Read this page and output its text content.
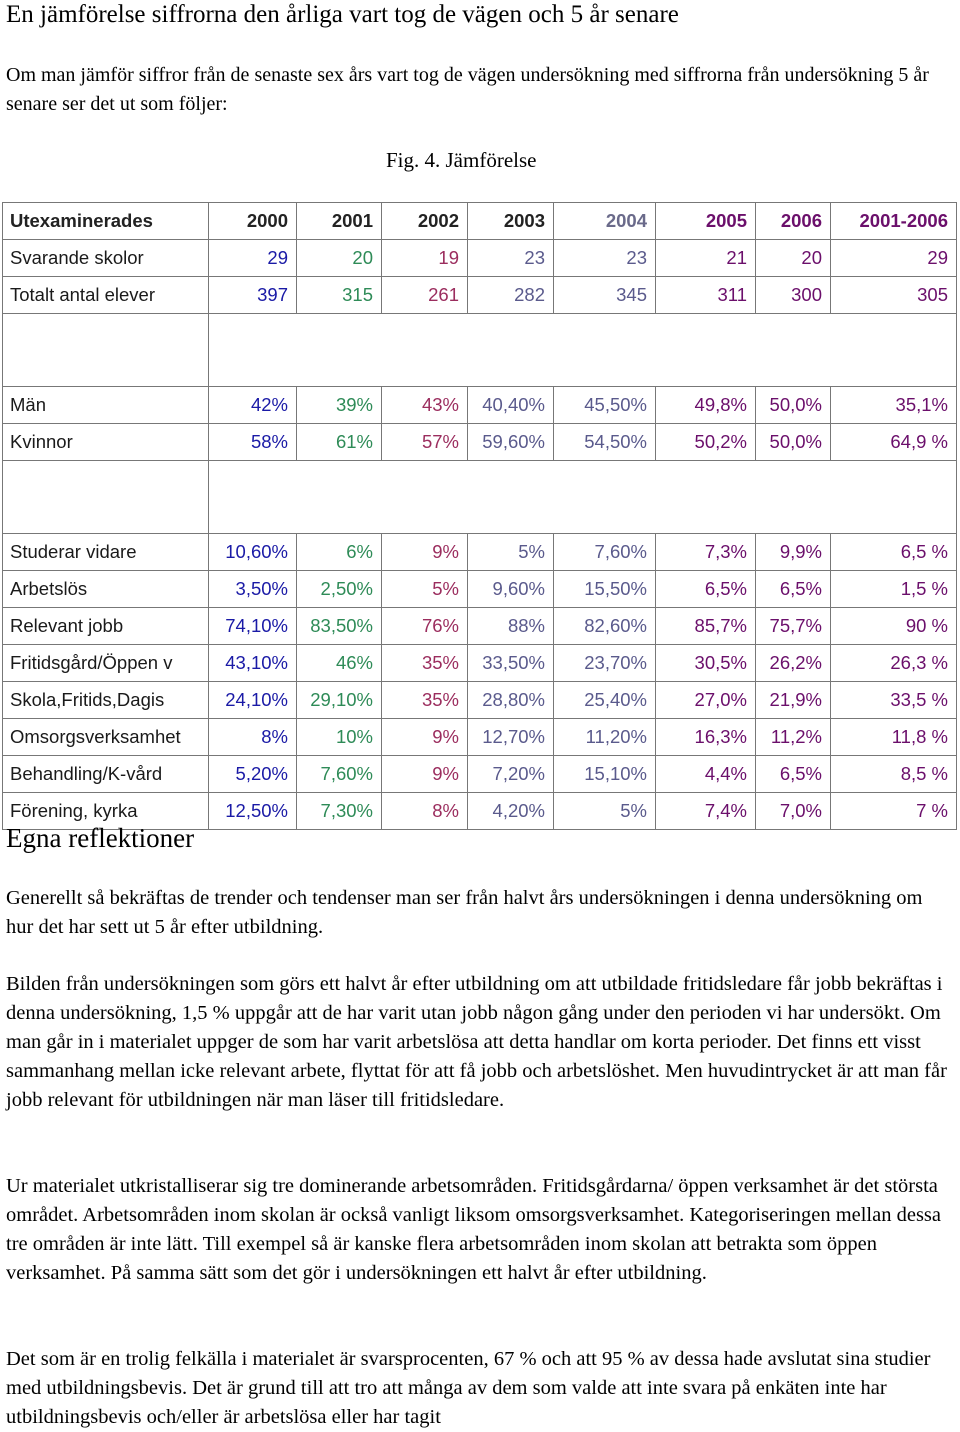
En jämförelse siffrorna den årliga vart tog de vägen och 5 år senare
Om man jämför siffror från de senaste sex års vart tog de vägen undersökning med siffrorna från undersökning 5 år senare ser det ut som följer:
Fig. 4. Jämförelse
Utexaminerades	2000	2001	2002	2003	2004	2005	2006	2001-2006
Svarande skolor	29	20	19	23	23	21	20	29
Totalt antal elever	397	315	261	282	345	311	300	305

Män	42%	39%	43%	40,40%	45,50%	49,8%	50,0%	35,1%
Kvinnor	58%	61%	57%	59,60%	54,50%	50,2%	50,0%	64,9 %

Studerar vidare	10,60%	6%	9%	5%	7,60%	7,3%	9,9%	6,5 %
Arbetslös	3,50%	2,50%	5%	9,60%	15,50%	6,5%	6,5%	1,5 %
Relevant jobb	74,10%	83,50%	76%	88%	82,60%	85,7%	75,7%	90 %
Fritidsgård/Öppen v	43,10%	46%	35%	33,50%	23,70%	30,5%	26,2%	26,3 %
Skola,Fritids,Dagis	24,10%	29,10%	35%	28,80%	25,40%	27,0%	21,9%	33,5 %
Omsorgsverksamhet	8%	10%	9%	12,70%	11,20%	16,3%	11,2%	11,8 %
Behandling/K-vård	5,20%	7,60%	9%	7,20%	15,10%	4,4%	6,5%	8,5 %
Förening, kyrka	12,50%	7,30%	8%	4,20%	5%	7,4%	7,0%	7 %
Egna reflektioner
Generellt så bekräftas de trender och tendenser man ser från halvt års undersökningen i denna undersökning om hur det har sett ut 5 år efter utbildning.
Bilden från undersökningen som görs ett halvt år efter utbildning om att utbildade fritidsledare får jobb bekräftas i denna undersökning, 1,5 % uppgår att de har varit utan jobb någon gång under den perioden vi har undersökt. Om man går in i materialet uppger de som har varit arbetslösa att detta handlar om korta perioder. Det finns ett visst sammanhang mellan icke relevant arbete, flyttat för att få jobb och arbetslöshet. Men huvudintrycket är att man får jobb relevant för utbildningen när man läser till fritidsledare.
Ur materialet utkristalliserar sig tre dominerande arbetsområden. Fritidsgårdarna/ öppen verksamhet är det största området. Arbetsområden inom skolan är också vanligt liksom omsorgsverksamhet. Kategoriseringen mellan dessa tre områden är inte lätt. Till exempel så är kanske flera arbetsområden inom skolan att betrakta som öppen verksamhet. På samma sätt som det gör i undersökningen ett halvt år efter utbildning.
Det som är en trolig felkälla i materialet är svarsprocenten, 67 % och att 95 % av dessa hade avslutat sina studier med utbildningsbevis. Det är grund till att tro att många av dem som valde att inte svara på enkäten inte har utbildningsbevis och/eller är arbetslösa eller har tagit
